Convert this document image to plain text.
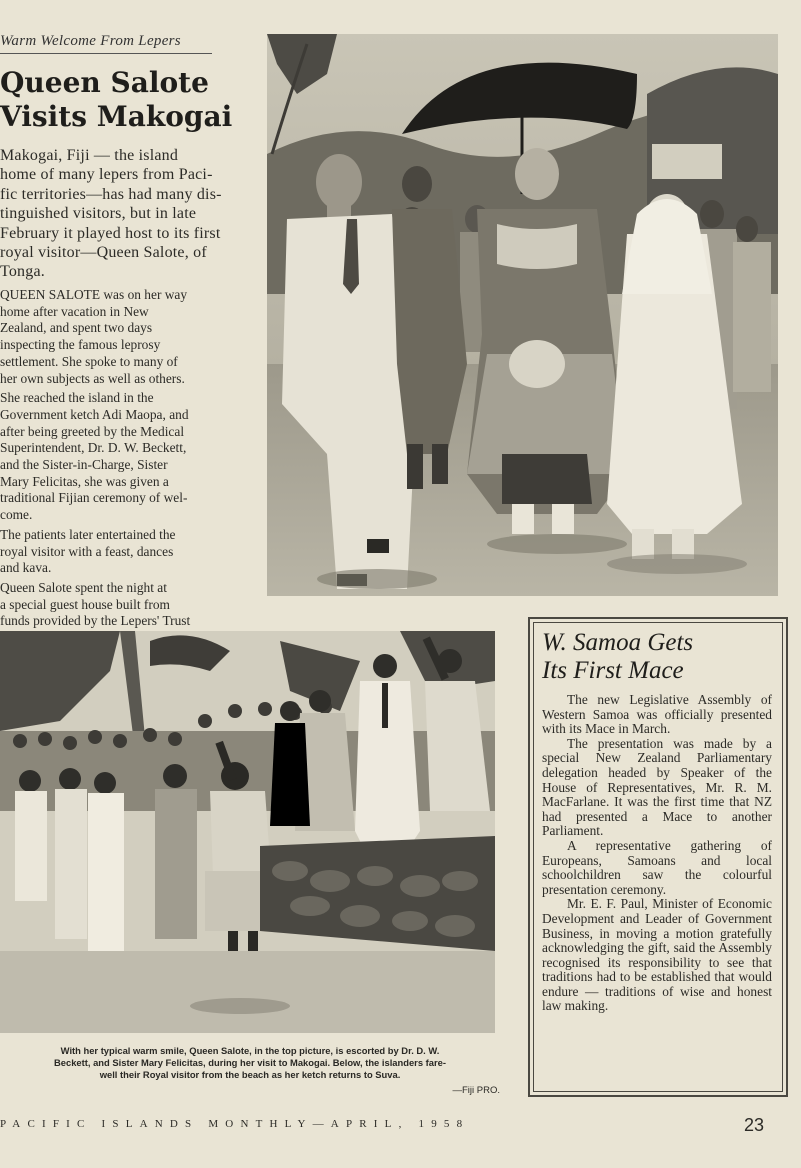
Warm Welcome From Lepers
Queen Salote
Visits Makogai
Makogai, Fiji — the island
home of many lepers from Paci-
fic territories—has had many dis-
tinguished visitors, but in late
February it played host to its first
royal visitor—Queen Salote, of
Tonga.

QUEEN SALOTE was on her way
home after vacation in New
Zealand, and spent two days
inspecting the famous leprosy
settlement. She spoke to many of
her own subjects as well as others.

She reached the island in the
Government ketch Adi Maopa, and
after being greeted by the Medical
Superintendent, Dr. D. W. Beckett,
and the Sister-in-Charge, Sister
Mary Felicitas, she was given a
traditional Fijian ceremony of wel-
come.

The patients later entertained the
royal visitor with a feast, dances
and kava.

Queen Salote spent the night at
a special guest house built from
funds provided by the Lepers' Trust

With her typical warm smile, Queen Salote, in the top picture, is escorted by Dr. D. W.
Beckett, and Sister Mary Felicitas, during her visit to Makogai. Below, the islanders fare-
well their Royal visitor from the beach as her ketch returns to Suva.
—Fiji PRO.
W. Samoa Gets
Its First Mace

The new Legislative Assembly of Western Samoa was officially presented with its Mace in March.

The presentation was made by a special New Zealand Parliamentary delegation headed by Speaker of the House of Representatives, Mr. R. M. MacFarlane. It was the first time that NZ had presented a Mace to another Parliament.

A representative gathering of Europeans, Samoans and local schoolchildren saw the colourful presentation ceremony.

Mr. E. F. Paul, Minister of Economic Development and Leader of Government Business, in moving a motion gratefully acknowledging the gift, said the Assembly recognised its responsibility to see that traditions had to be established that would endure — traditions of wise and honest law making.

PACIFIC ISLANDS MONTHLY—APRIL, 1958	23
